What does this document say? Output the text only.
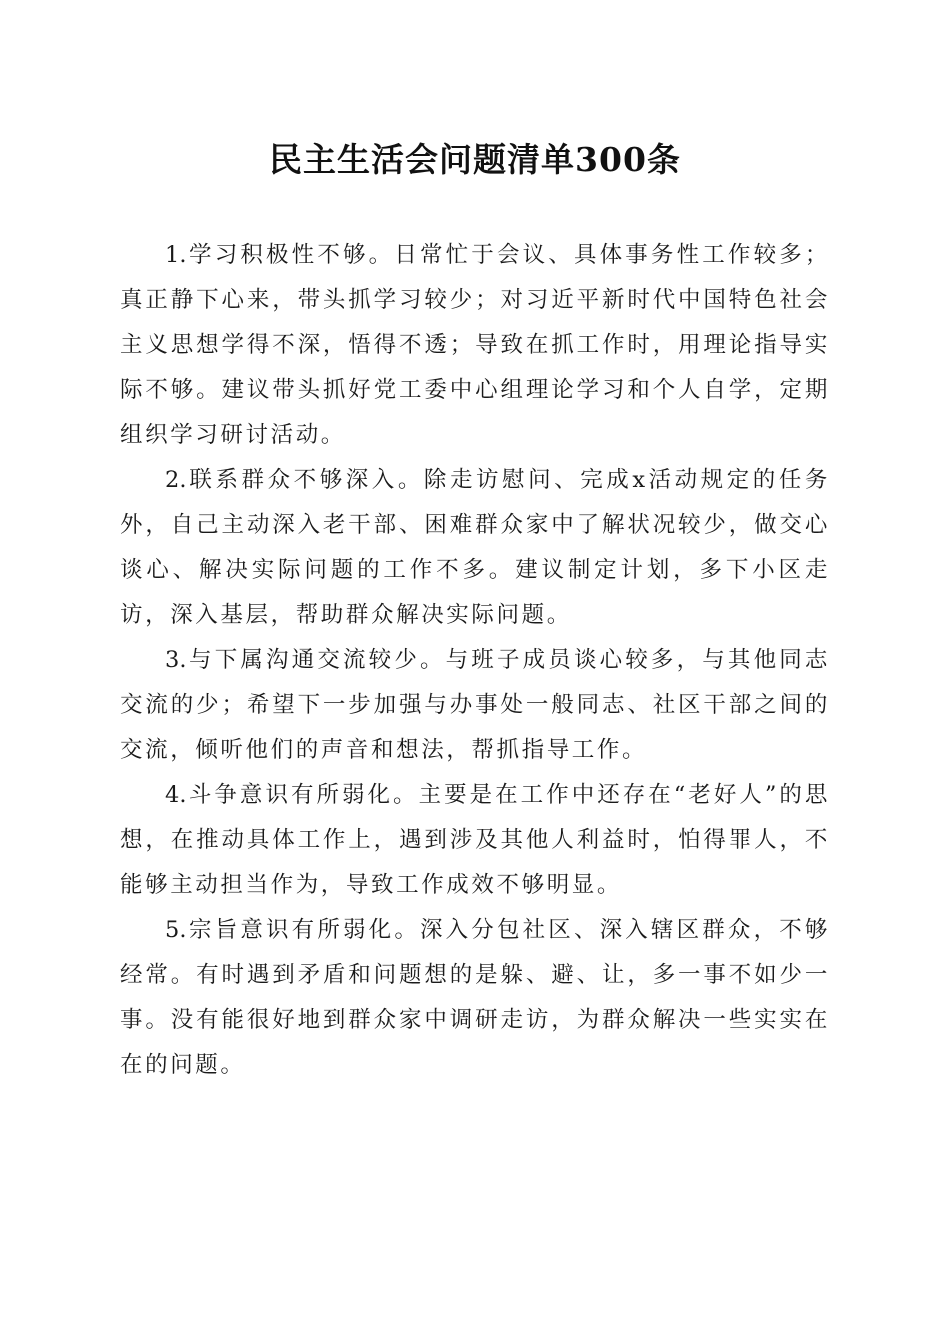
民主生活会问题清单300条

1.学习积极性不够。日常忙于会议、具体事务性工作较多；真正静下心来，带头抓学习较少；对习近平新时代中国特色社会主义思想学得不深，悟得不透；导致在抓工作时，用理论指导实际不够。建议带头抓好党工委中心组理论学习和个人自学，定期组织学习研讨活动。

2.联系群众不够深入。除走访慰问、完成x活动规定的任务外，自己主动深入老干部、困难群众家中了解状况较少，做交心谈心、解决实际问题的工作不多。建议制定计划，多下小区走访，深入基层，帮助群众解决实际问题。

3.与下属沟通交流较少。与班子成员谈心较多，与其他同志交流的少；希望下一步加强与办事处一般同志、社区干部之间的交流，倾听他们的声音和想法，帮抓指导工作。

4.斗争意识有所弱化。主要是在工作中还存在“老好人”的思想，在推动具体工作上，遇到涉及其他人利益时，怕得罪人，不能够主动担当作为，导致工作成效不够明显。

5.宗旨意识有所弱化。深入分包社区、深入辖区群众，不够经常。有时遇到矛盾和问题想的是躲、避、让，多一事不如少一事。没有能很好地到群众家中调研走访，为群众解决一些实实在在的问题。
